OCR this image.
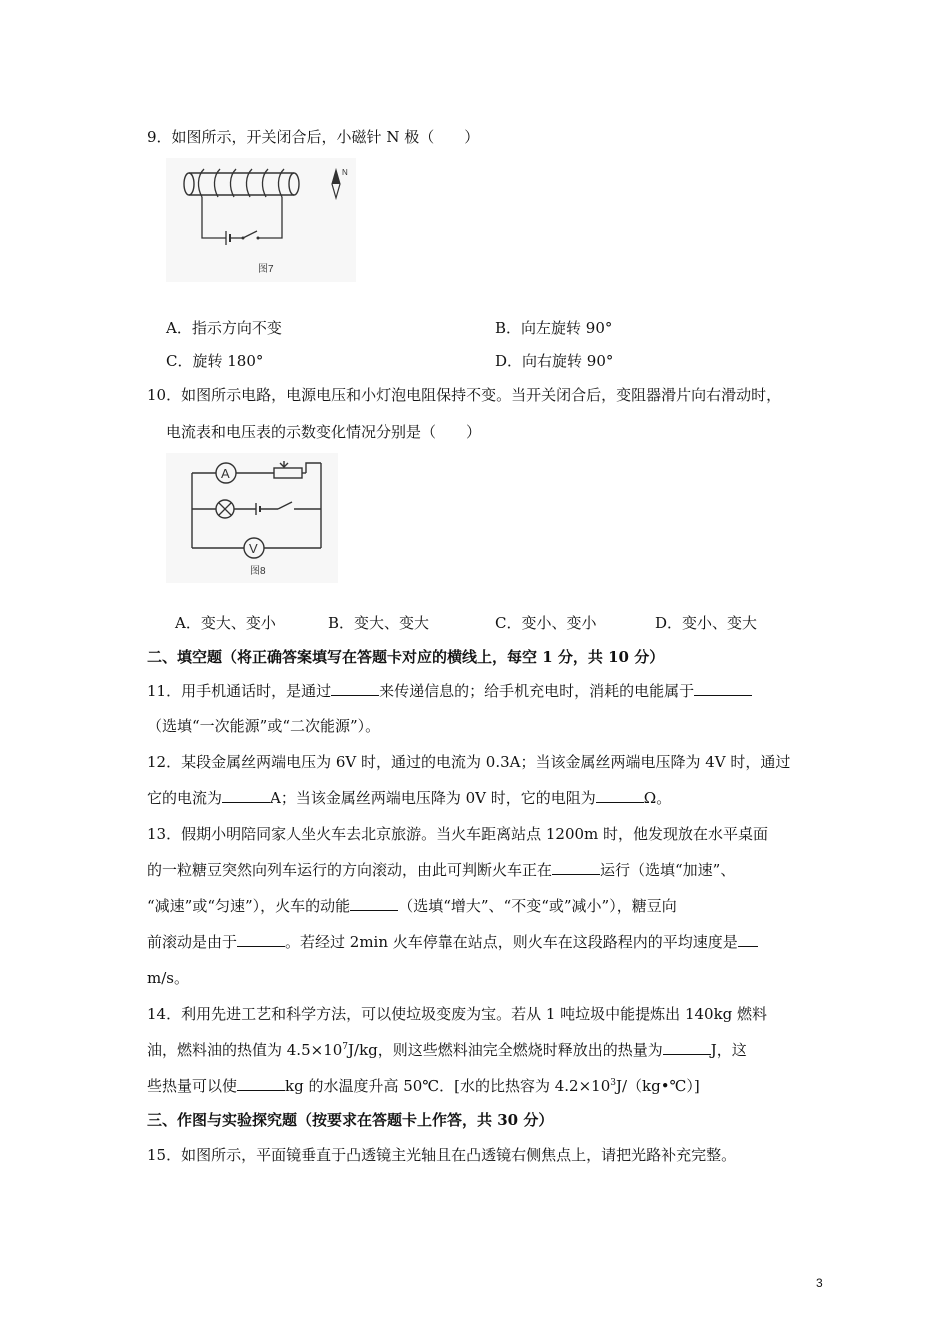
9．如图所示，开关闭合后，小磁针 N 极（　　）
N
图7
A．指示方向不变	B．向左旋转 90°
C．旋转 180°	D．向右旋转 90°
10．如图所示电路，电源电压和小灯泡电阻保持不变。当开关闭合后，变阻器滑片向右滑动时，
电流表和电压表的示数变化情况分别是（　　）
A
V
图8
A．变大、变小	B．变大、变大	C．变小、变小	D．变小、变大
二、填空题（将正确答案填写在答题卡对应的横线上，每空 1 分，共 10 分）
11．用手机通话时，是通过	来传递信息的；给手机充电时，消耗的电能属于
（选填“一次能源”或“二次能源”）。
12．某段金属丝两端电压为 6V 时，通过的电流为 0.3A；当该金属丝两端电压降为 4V 时，通过
它的电流为	A；当该金属丝两端电压降为 0V 时，它的电阻为	Ω。
13．假期小明陪同家人坐火车去北京旅游。当火车距离站点 1200m 时，他发现放在水平桌面
的一粒糖豆突然向列车运行的方向滚动，由此可判断火车正在	运行（选填“加速”、
“减速”或“匀速”），火车的动能	（选填“增大”、“不变“或”减小”），糖豆向
前滚动是由于	。若经过 2min 火车停靠在站点，则火车在这段路程内的平均速度是
m/s。
14．利用先进工艺和科学方法，可以使垃圾变废为宝。若从 1 吨垃圾中能提炼出 140kg 燃料
油，燃料油的热值为 $4.5\times 10^7J/kg$，则这些燃料油完全燃烧时释放出的热量为	J，这
些热量可以使	kg 的水温度升高 50℃．[水的比热容为 $4.2\times 10^3J/(kg•℃)$]
三、作图与实验探究题（按要求在答题卡上作答，共 30 分）
15．如图所示，平面镜垂直于凸透镜主光轴且在凸透镜右侧焦点上，请把光路补充完整。
3
